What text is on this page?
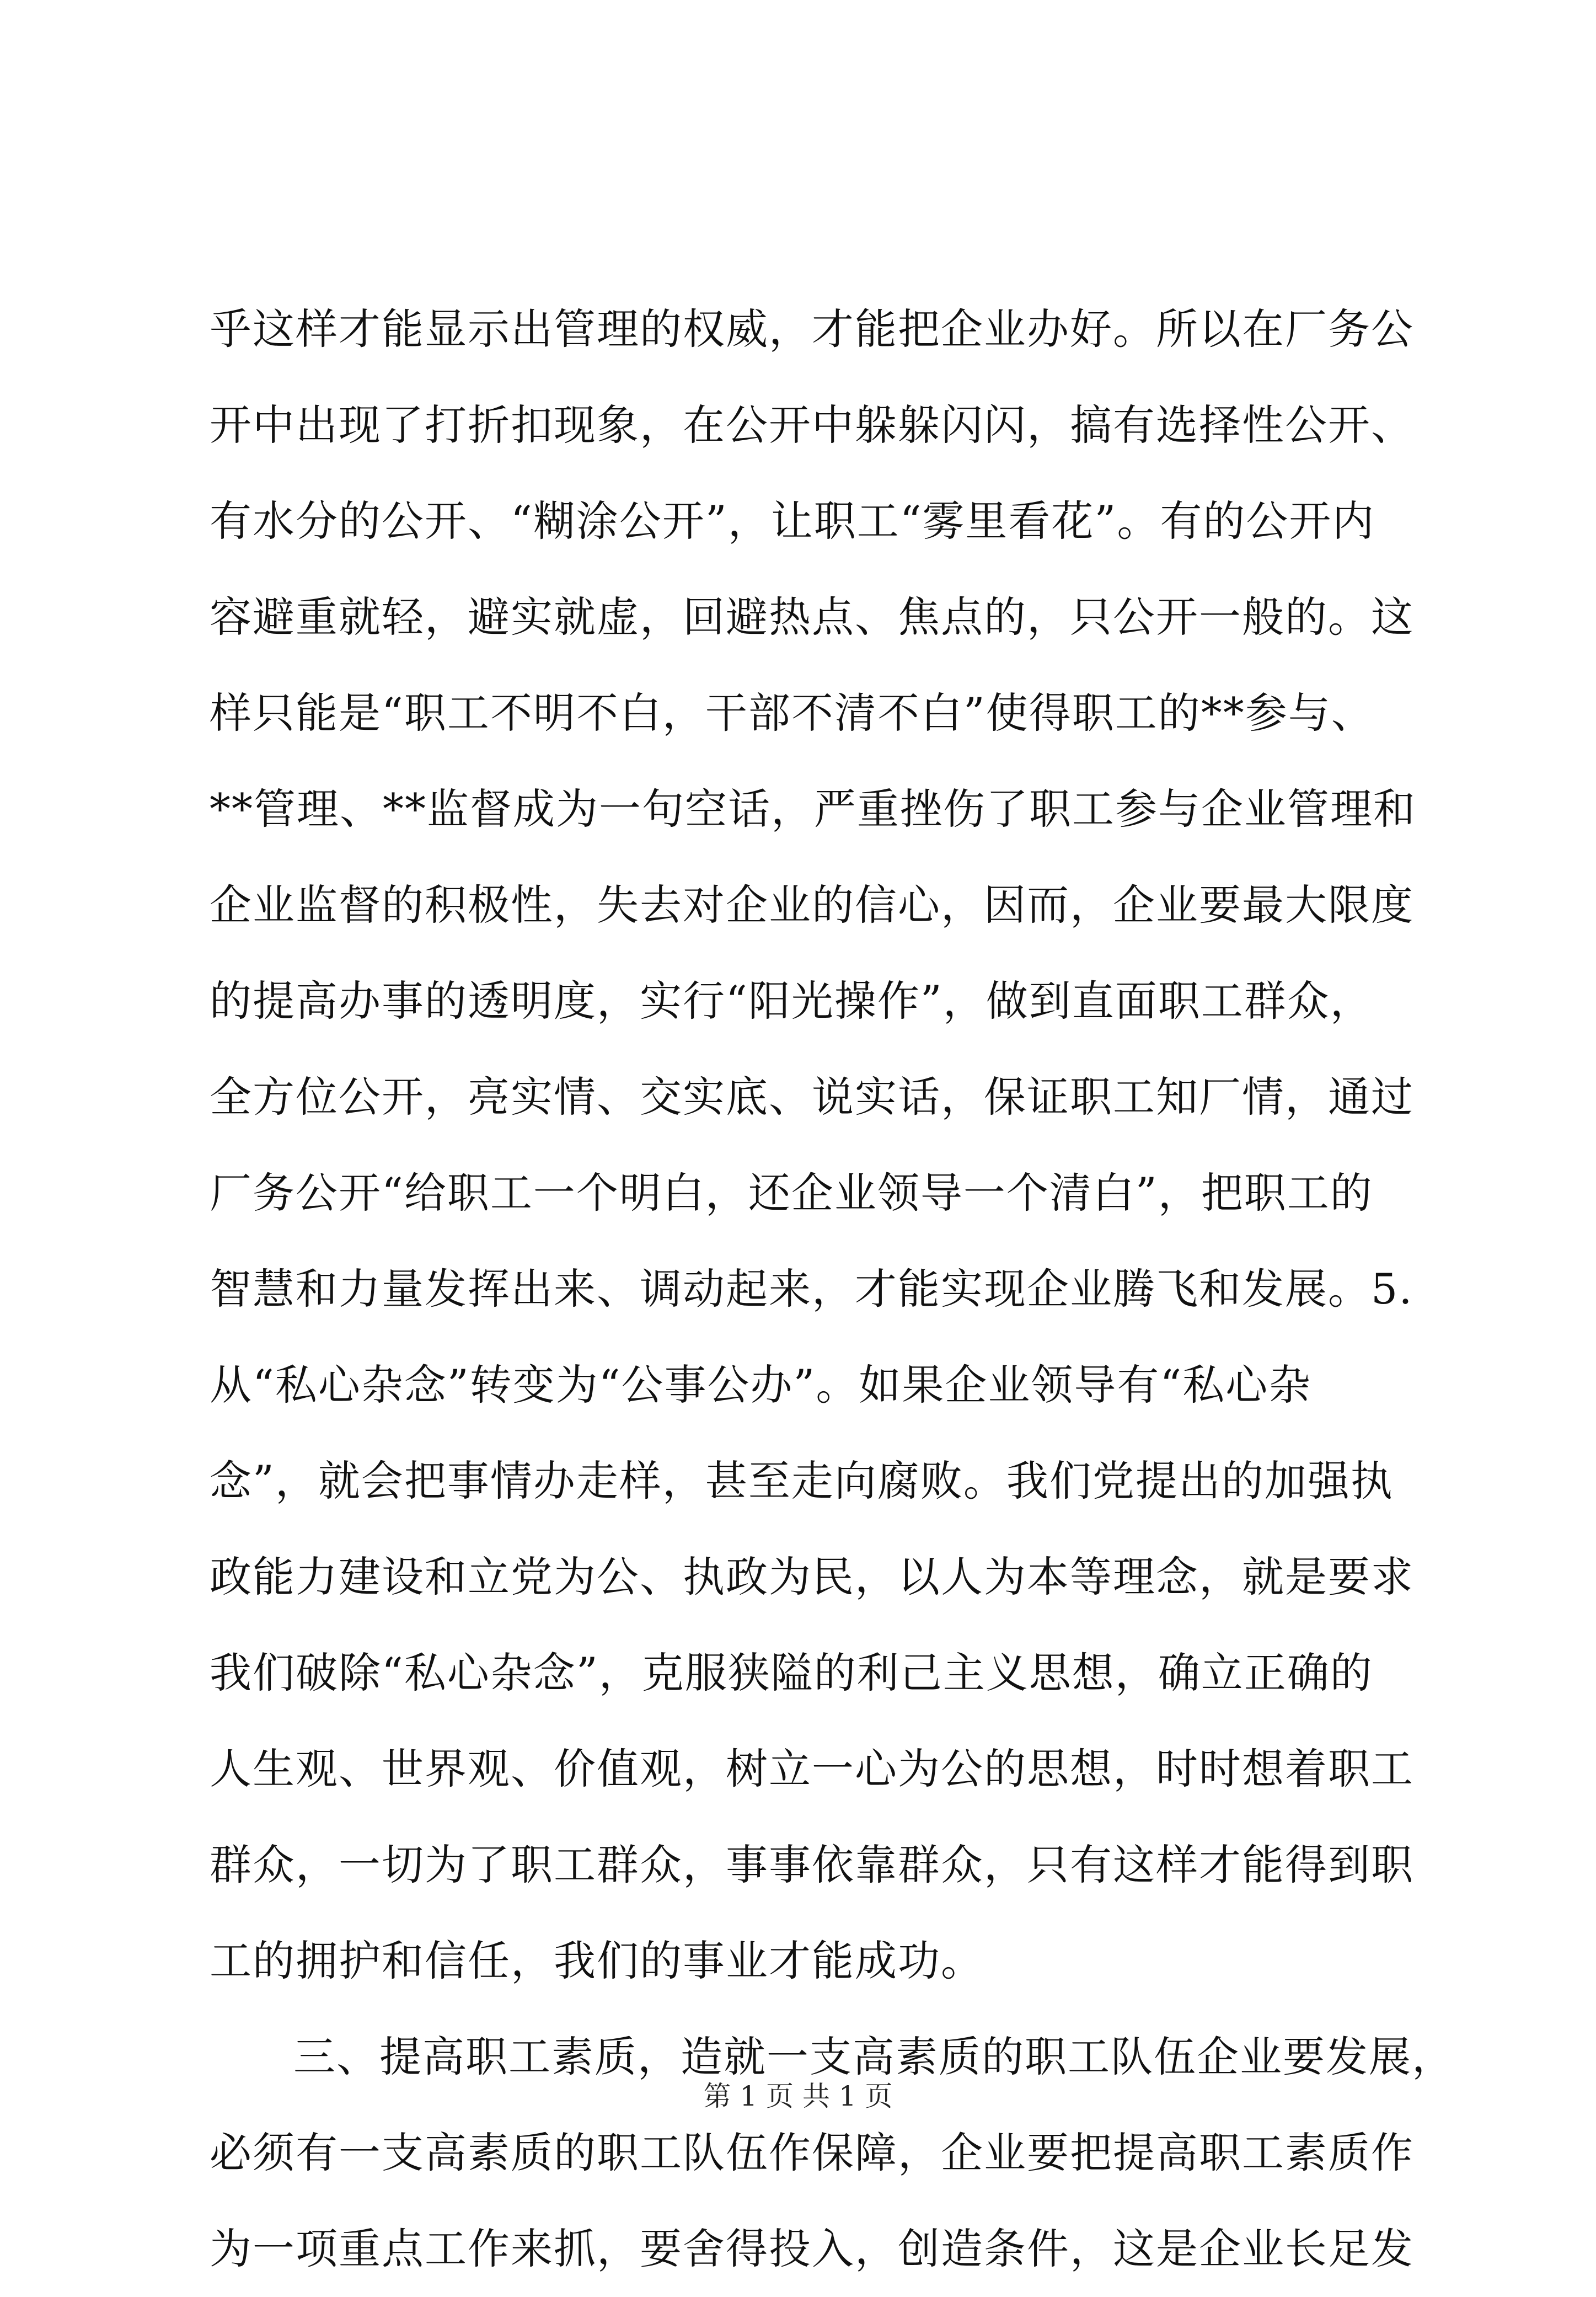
乎这样才能显示出管理的权威，才能把企业办好。所以在厂务公
开中出现了打折扣现象，在公开中躲躲闪闪，搞有选择性公开、
有水分的公开、“糊涂公开”，让职工“雾里看花”。有的公开内
容避重就轻，避实就虚，回避热点、焦点的，只公开一般的。这
样只能是“职工不明不白，干部不清不白”使得职工的**参与、
**管理、**监督成为一句空话，严重挫伤了职工参与企业管理和
企业监督的积极性，失去对企业的信心，因而，企业要最大限度
的提高办事的透明度，实行“阳光操作”，做到直面职工群众，
全方位公开，亮实情、交实底、说实话，保证职工知厂情，通过
厂务公开“给职工一个明白，还企业领导一个清白”，把职工的
智慧和力量发挥出来、调动起来，才能实现企业腾飞和发展。5.
从“私心杂念”转变为“公事公办”。如果企业领导有“私心杂
念”，就会把事情办走样，甚至走向腐败。我们党提出的加强执
政能力建设和立党为公、执政为民，以人为本等理念，就是要求
我们破除“私心杂念”，克服狭隘的利己主义思想，确立正确的
人生观、世界观、价值观，树立一心为公的思想，时时想着职工
群众，一切为了职工群众，事事依靠群众，只有这样才能得到职
工的拥护和信任，我们的事业才能成功。
三、提高职工素质，造就一支高素质的职工队伍企业要发展，
必须有一支高素质的职工队伍作保障，企业要把提高职工素质作
为一项重点工作来抓，要舍得投入，创造条件，这是企业长足发
第 1 页 共 1 页
